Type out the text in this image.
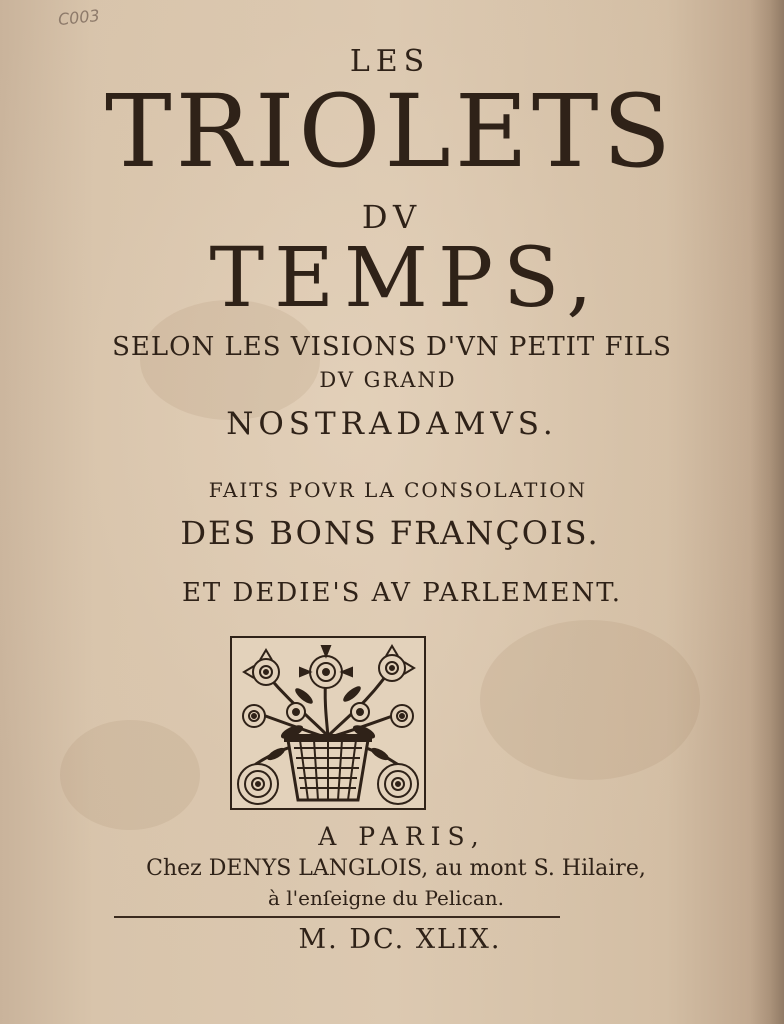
C003
LES
TRIOLETS
DV
TEMPS,
SELON LES VISIONS D'VN PETIT FILS
DV GRAND
NOSTRADAMVS.
FAITS POVR LA CONSOLATION
DES BONS FRANÇOIS.
ET DEDIE'S AV PARLEMENT.
A PARIS,
Chez DENYS LANGLOIS, au mont S. Hilaire,
à l'enſeigne du Pelican.
M. DC. XLIX.
